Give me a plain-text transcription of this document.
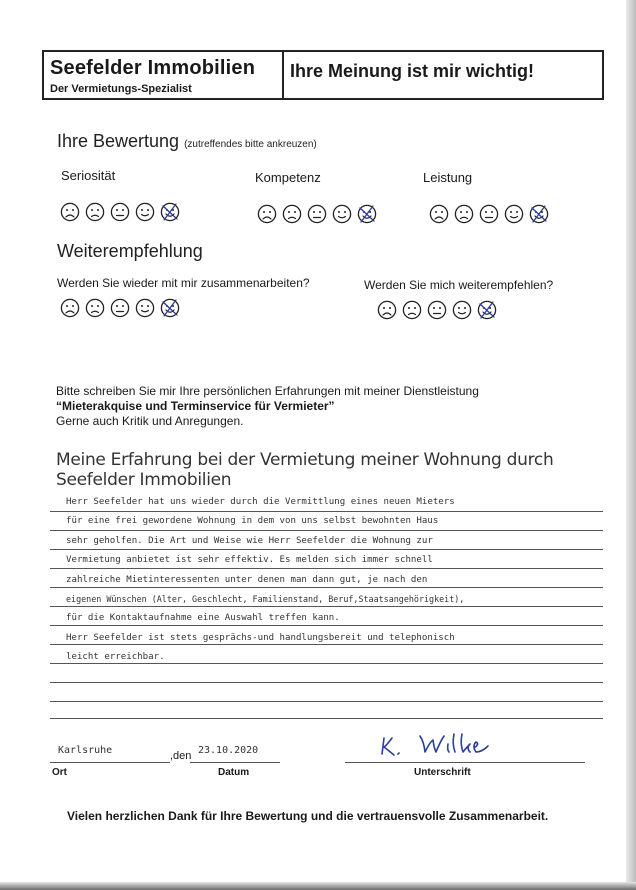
Seefelder Immobilien
Der Vermietungs-Spezialist
Ihre Meinung ist mir wichtig!
Ihre Bewertung (zutreffendes bitte ankreuzen)
Seriosität	Kompetenz	Leistung
Weiterempfehlung
Werden Sie wieder mit mir zusammenarbeiten?	Werden Sie mich weiterempfehlen?
Bitte schreiben Sie mir Ihre persönlichen Erfahrungen mit meiner Dienstleistung
“Mieterakquise und Terminservice für Vermieter”
Gerne auch Kritik und Anregungen.
Meine Erfahrung bei der Vermietung meiner Wohnung durch Seefelder Immobilien
Herr Seefelder hat uns wieder durch die Vermittlung eines neuen Mieters
für eine frei gewordene Wohnung in dem von uns selbst bewohnten Haus
sehr geholfen. Die Art und Weise wie Herr Seefelder die Wohnung zur
Vermietung anbietet ist sehr effektiv. Es melden sich immer schnell
zahlreiche Mietinteressenten unter denen man dann gut, je nach den
eigenen Wünschen (Alter, Geschlecht, Familienstand, Beruf,Staatsangehörigkeit),
für die Kontaktaufnahme eine Auswahl treffen kann.
Herr Seefelder ist stets gesprächs-und handlungsbereit und telephonisch
leicht erreichbar.
Karlsruhe	,den 23.10.2020
Ort	Datum	Unterschrift
Vielen herzlichen Dank für Ihre Bewertung und die vertrauensvolle Zusammenarbeit.
